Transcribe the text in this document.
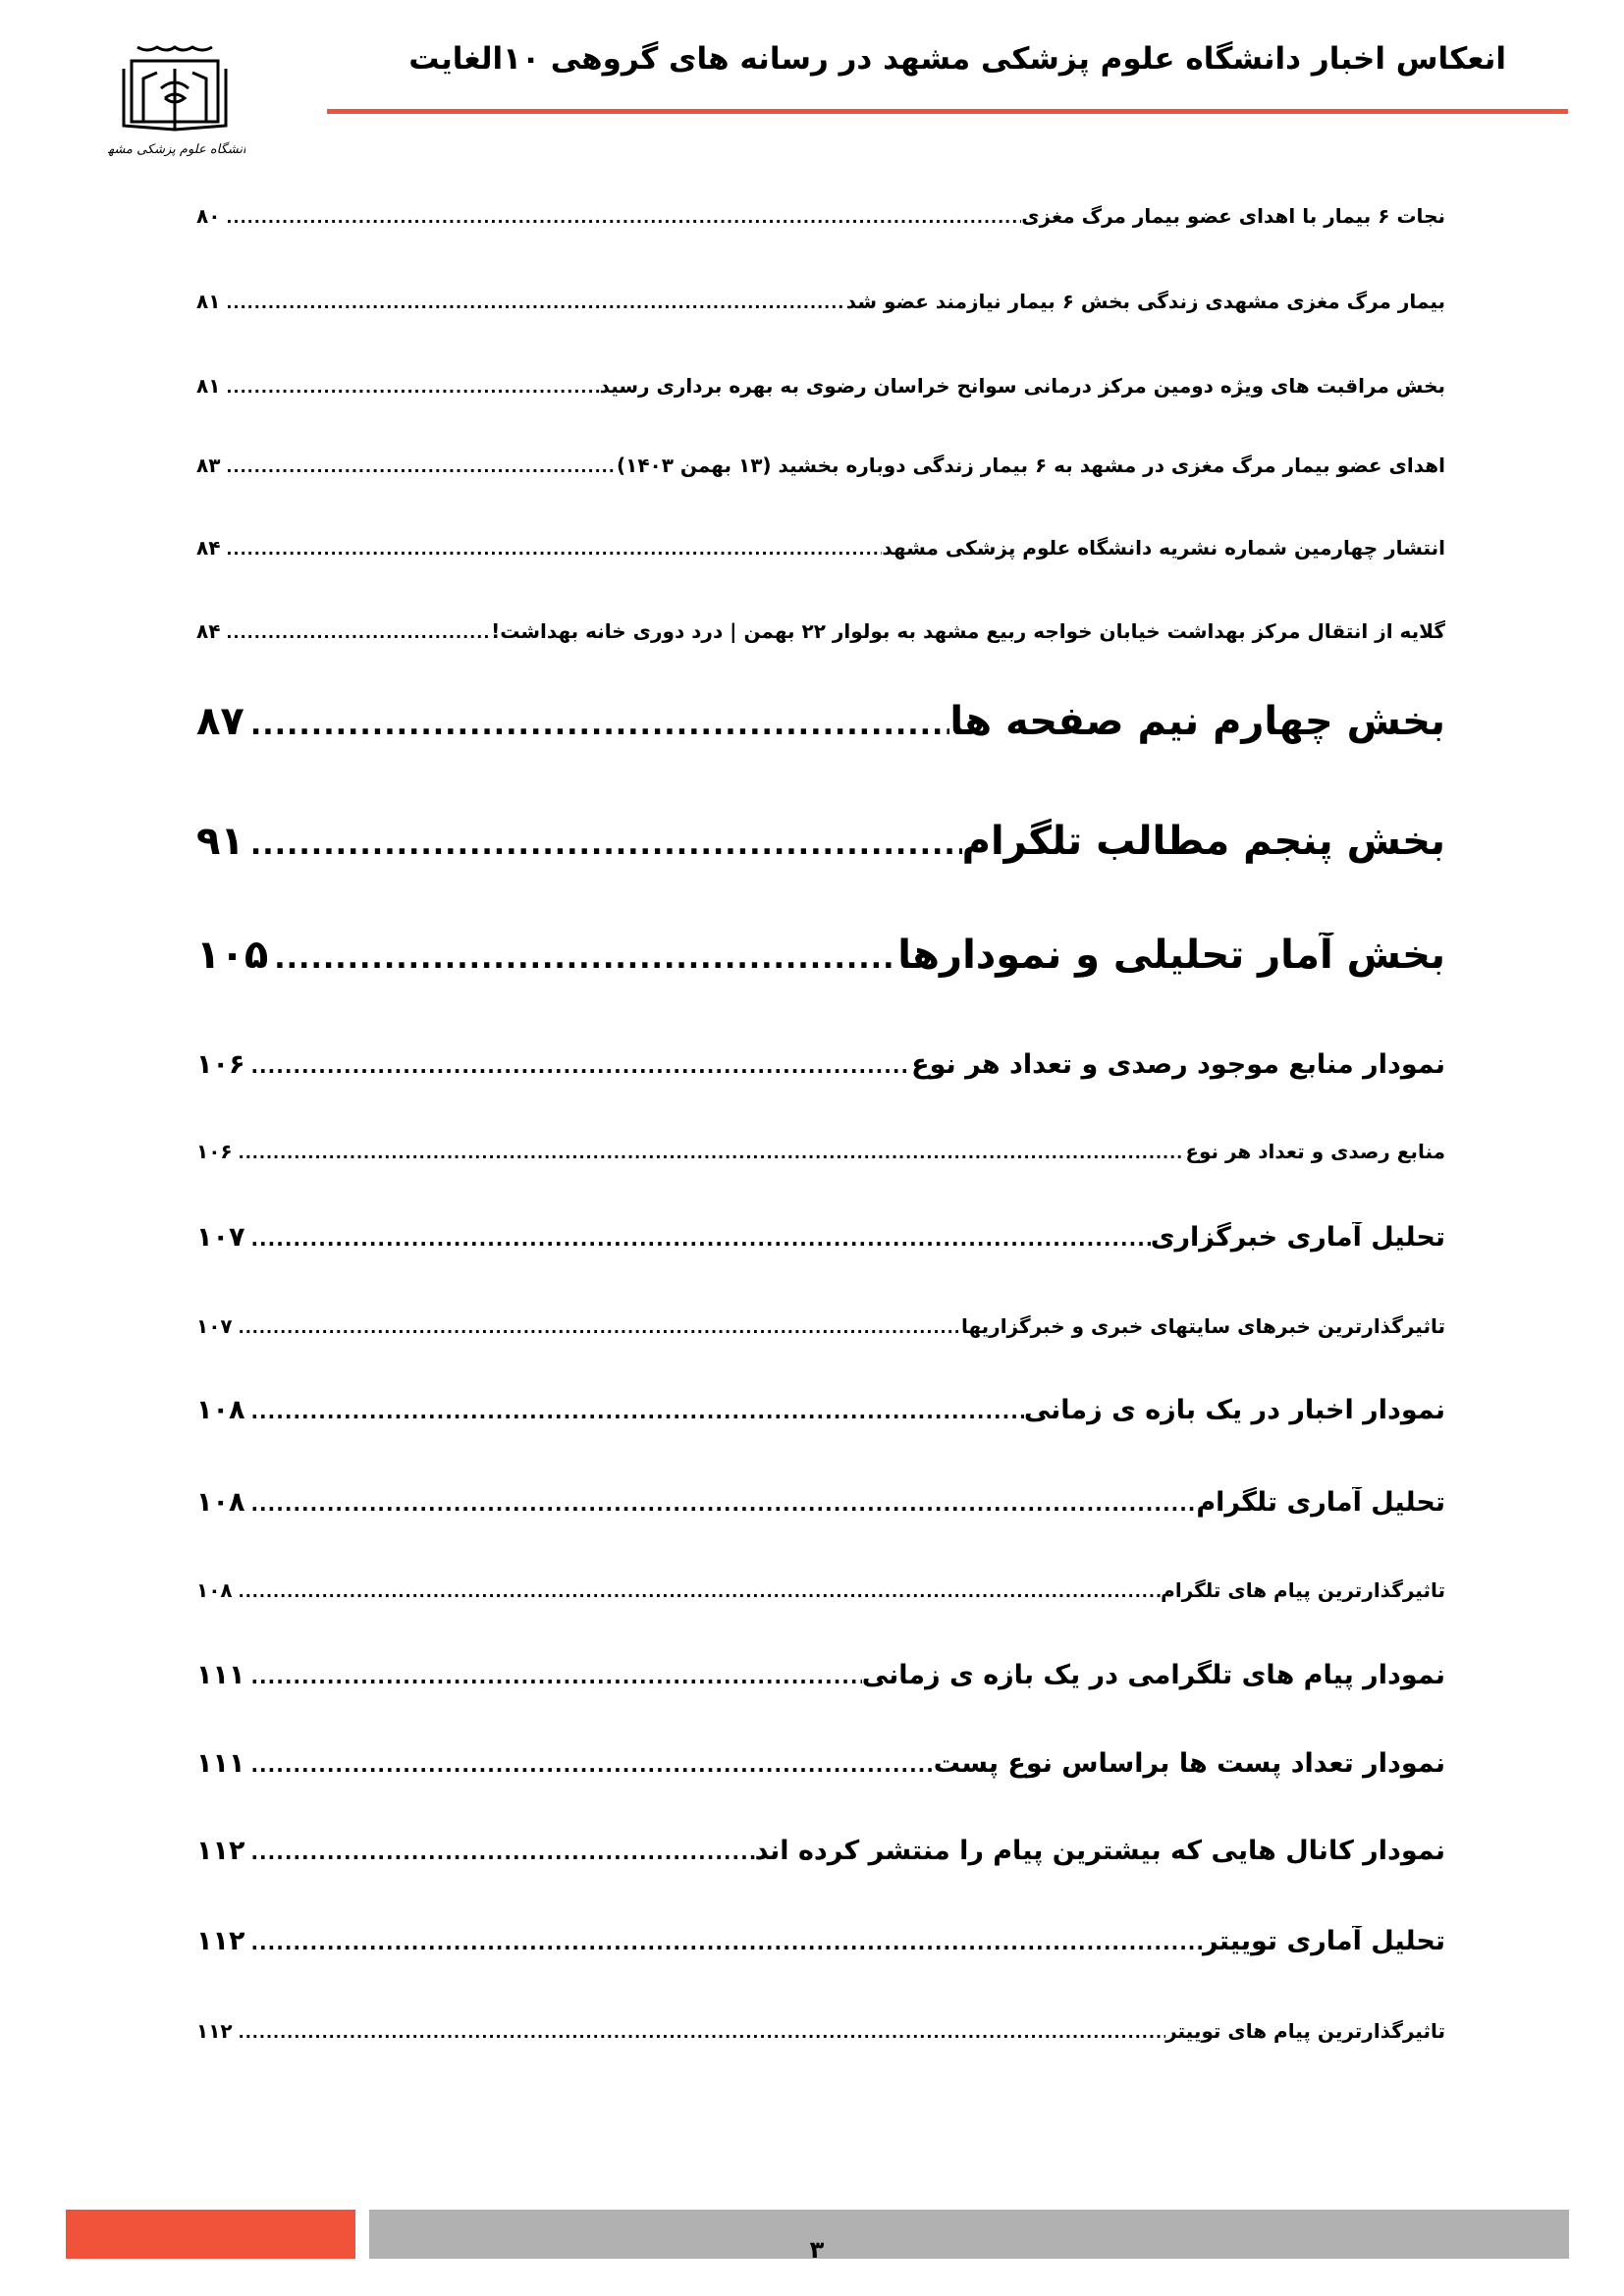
انعکاس اخبار دانشگاه علوم پزشکی مشهد در رسانه های گروهی ۱۰الغایت
دانشگاه علوم پزشکی مشهد
نجات ۶ بیمار با اهدای عضو بیمار مرگ مغزی
.....
۸۰
بیمار مرگ مغزی مشهدی زندگی بخش ۶ بیمار نیازمند عضو شد
.....
۸۱
بخش مراقبت های ویژه دومین مرکز درمانی سوانح خراسان رضوی به بهره برداری رسید
.....
۸۱
اهدای عضو بیمار مرگ مغزی در مشهد به ۶ بیمار زندگی دوباره بخشید (۱۳ بهمن ۱۴۰۳)
.....
۸۳
انتشار چهارمین شماره نشریه دانشگاه علوم پزشکی مشهد
.....
۸۴
گلایه از انتقال مرکز بهداشت خیابان خواجه ربیع مشهد به بولوار ۲۲ بهمن | درد دوری خانه بهداشت!
.....
۸۴
بخش چهارم نیم صفحه ها
.....
۸۷
بخش پنجم مطالب تلگرام
.....
۹۱
بخش آمار تحلیلی و نمودارها
.....
۱۰۵
نمودار منابع موجود رصدی و تعداد هر نوع
.....
۱۰۶
منابع رصدی و تعداد هر نوع
.....
۱۰۶
تحلیل آماری خبرگزاری
.....
۱۰۷
تاثیرگذارترین خبرهای سایتهای خبری و خبرگزاریها
.....
۱۰۷
نمودار اخبار در یک بازه ی زمانی
.....
۱۰۸
تحلیل آماری تلگرام
.....
۱۰۸
تاثیرگذارترین پیام های تلگرام
.....
۱۰۸
نمودار پیام های تلگرامی در یک بازه ی زمانی
.....
۱۱۱
نمودار تعداد پست ها براساس نوع پست
.....
۱۱۱
نمودار کانال هایی که بیشترین پیام را منتشر کرده اند
.....
۱۱۲
تحلیل آماری توییتر
.....
۱۱۲
تاثیرگذارترین پیام های توییتر
.....
۱۱۲
۳
